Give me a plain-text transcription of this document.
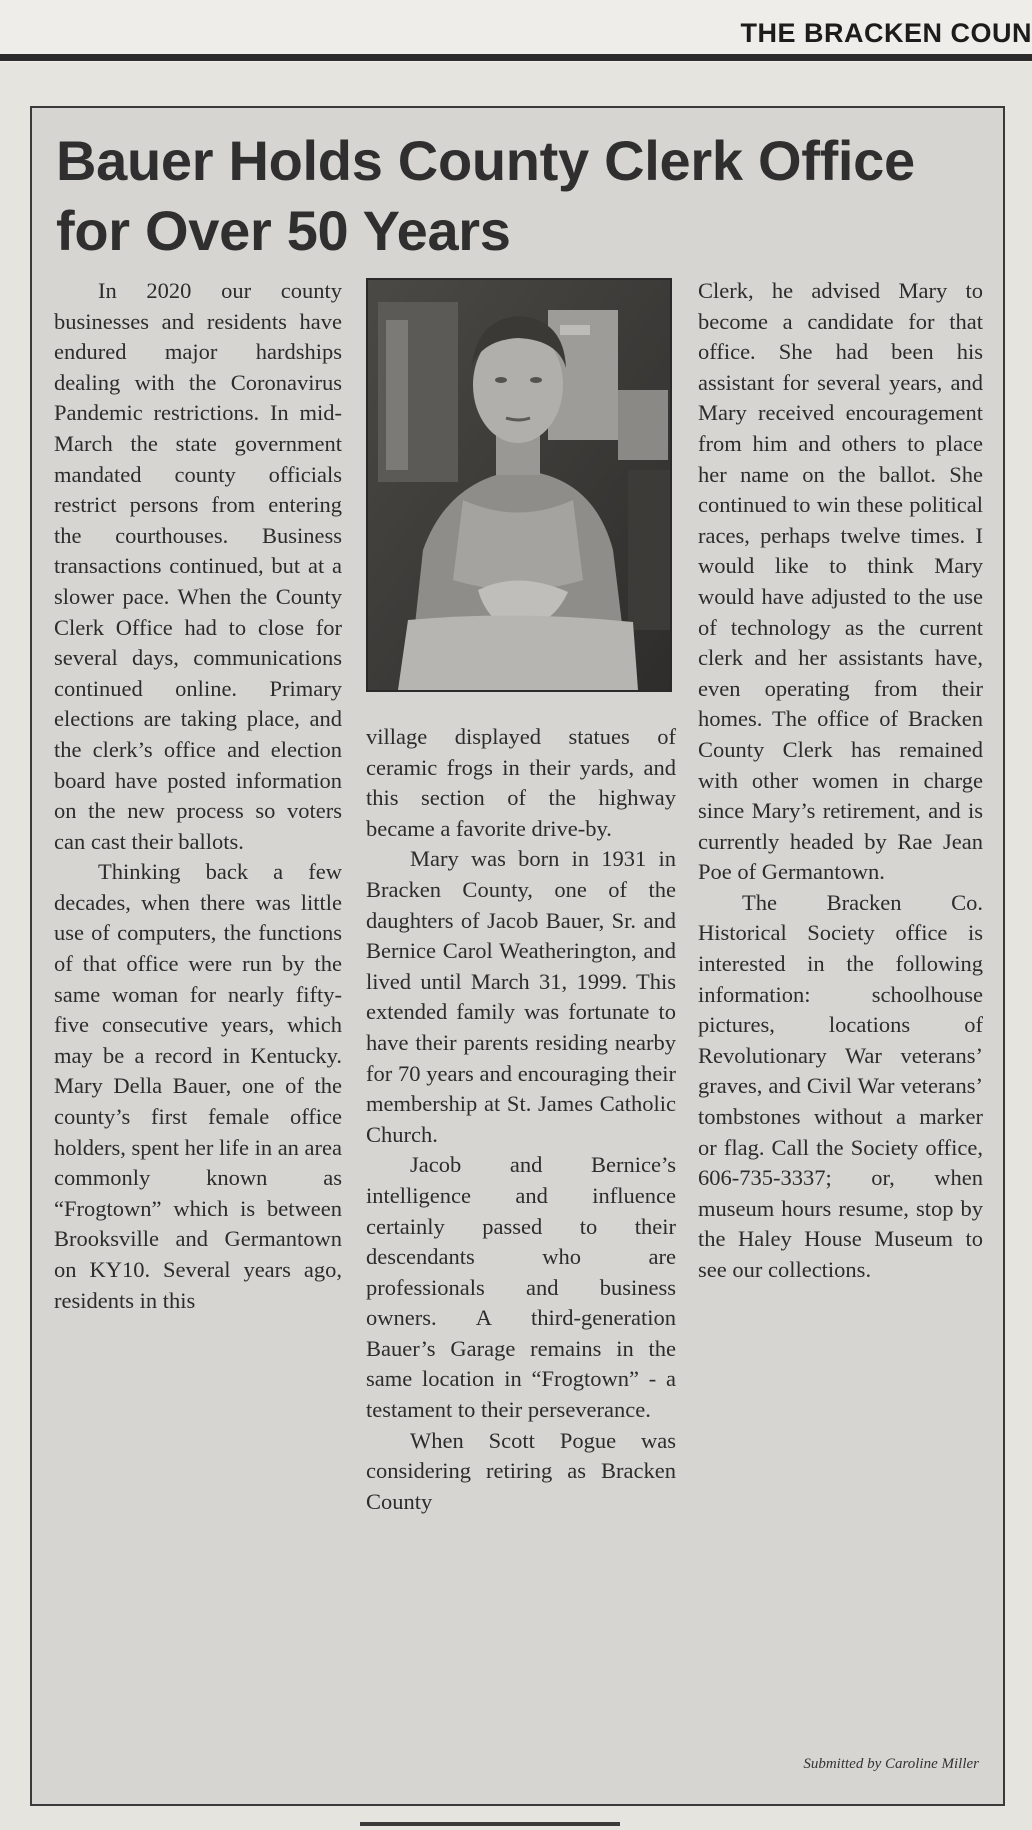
THE BRACKEN COUN
Bauer Holds County Clerk Office for Over 50 Years

In 2020 our county businesses and residents have endured major hardships dealing with the Coronavirus Pandemic restrictions. In mid-March the state government mandated county officials restrict persons from entering the courthouses. Business transactions continued, but at a slower pace. When the County Clerk Office had to close for several days, communications continued online. Primary elections are taking place, and the clerk’s office and election board have posted information on the new process so voters can cast their ballots.

Thinking back a few decades, when there was little use of computers, the functions of that office were run by the same woman for nearly fifty-five consecutive years, which may be a record in Kentucky. Mary Della Bauer, one of the county’s first female office holders, spent her life in an area commonly known as “Frogtown” which is between Brooksville and Germantown on KY10. Several years ago, residents in this

village displayed statues of ceramic frogs in their yards, and this section of the highway became a favorite drive-by.

Mary was born in 1931 in Bracken County, one of the daughters of Jacob Bauer, Sr. and Bernice Carol Weatherington, and lived until March 31, 1999. This extended family was fortunate to have their parents residing nearby for 70 years and encouraging their membership at St. James Catholic Church.

Jacob and Bernice’s intelligence and influence certainly passed to their descendants who are professionals and business owners. A third-generation Bauer’s Garage remains in the same location in “Frogtown” - a testament to their perseverance.

When Scott Pogue was considering retiring as Bracken County

Clerk, he advised Mary to become a candidate for that office. She had been his assistant for several years, and Mary received encouragement from him and others to place her name on the ballot. She continued to win these political races, perhaps twelve times. I would like to think Mary would have adjusted to the use of technology as the current clerk and her assistants have, even operating from their homes. The office of Bracken County Clerk has remained with other women in charge since Mary’s retirement, and is currently headed by Rae Jean Poe of Germantown.

The Bracken Co. Historical Society office is interested in the following information: schoolhouse pictures, locations of Revolutionary War veterans’ graves, and Civil War veterans’ tombstones without a marker or flag. Call the Society office, 606-735-3337; or, when museum hours resume, stop by the Haley House Museum to see our collections.

Submitted by Caroline Miller
